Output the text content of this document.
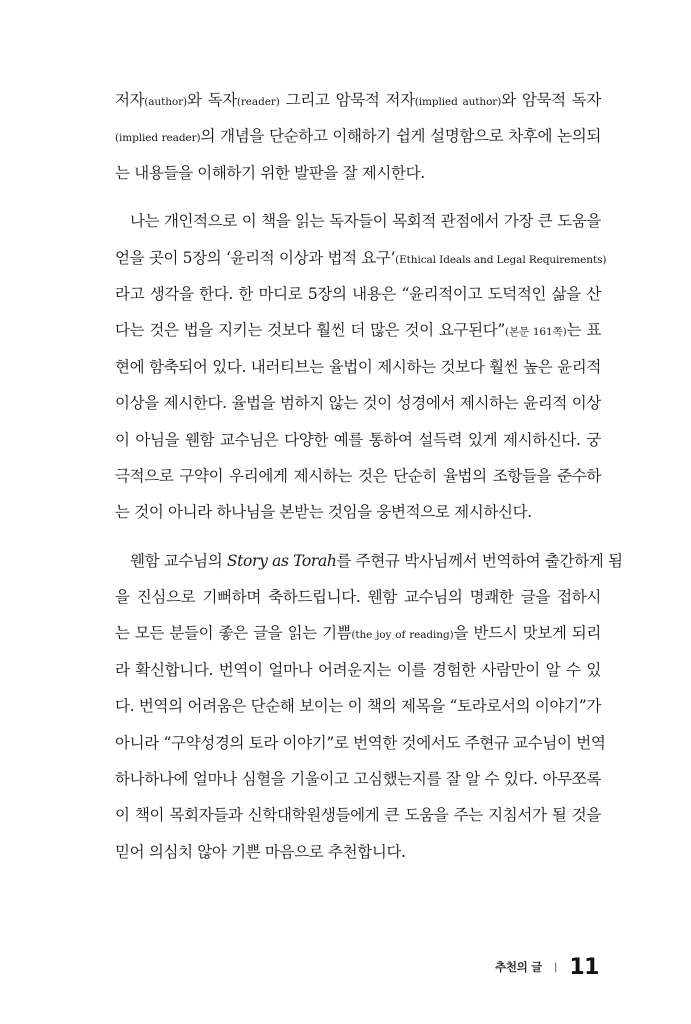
저자(author)와 독자(reader) 그리고 암묵적 저자(implied author)와 암묵적 독자
(implied reader)의 개념을 단순하고 이해하기 쉽게 설명함으로 차후에 논의되
는 내용들을 이해하기 위한 발판을 잘 제시한다.
나는 개인적으로 이 책을 읽는 독자들이 목회적 관점에서 가장 큰 도움을
얻을 곳이 5장의 ‘윤리적 이상과 법적 요구’(Ethical Ideals and Legal Requirements)
라고 생각을 한다. 한 마디로 5장의 내용은 “윤리적이고 도덕적인 삶을 산
다는 것은 법을 지키는 것보다 훨씬 더 많은 것이 요구된다”(본문 161쪽)는 표
현에 함축되어 있다. 내러티브는 율법이 제시하는 것보다 훨씬 높은 윤리적
이상을 제시한다. 율법을 범하지 않는 것이 성경에서 제시하는 윤리적 이상
이 아님을 웬함 교수님은 다양한 예를 통하여 설득력 있게 제시하신다. 궁
극적으로 구약이 우리에게 제시하는 것은 단순히 율법의 조항들을 준수하
는 것이 아니라 하나님을 본받는 것임을 웅변적으로 제시하신다.
웬함 교수님의 Story as Torah를 주현규 박사님께서 번역하여 출간하게 됨
을 진심으로 기뻐하며 축하드립니다. 웬함 교수님의 명쾌한 글을 접하시
는 모든 분들이 좋은 글을 읽는 기쁨(the joy of reading)을 반드시 맛보게 되리
라 확신합니다. 번역이 얼마나 어려운지는 이를 경험한 사람만이 알 수 있
다. 번역의 어려움은 단순해 보이는 이 책의 제목을 “토라로서의 이야기”가
아니라 “구약성경의 토라 이야기”로 번역한 것에서도 주현규 교수님이 번역
하나하나에 얼마나 심혈을 기울이고 고심했는지를 잘 알 수 있다. 아무쪼록
이 책이 목회자들과 신학대학원생들에게 큰 도움을 주는 지침서가 될 것을
믿어 의심치 않아 기쁜 마음으로 추천합니다.
추천의 글 | 11
